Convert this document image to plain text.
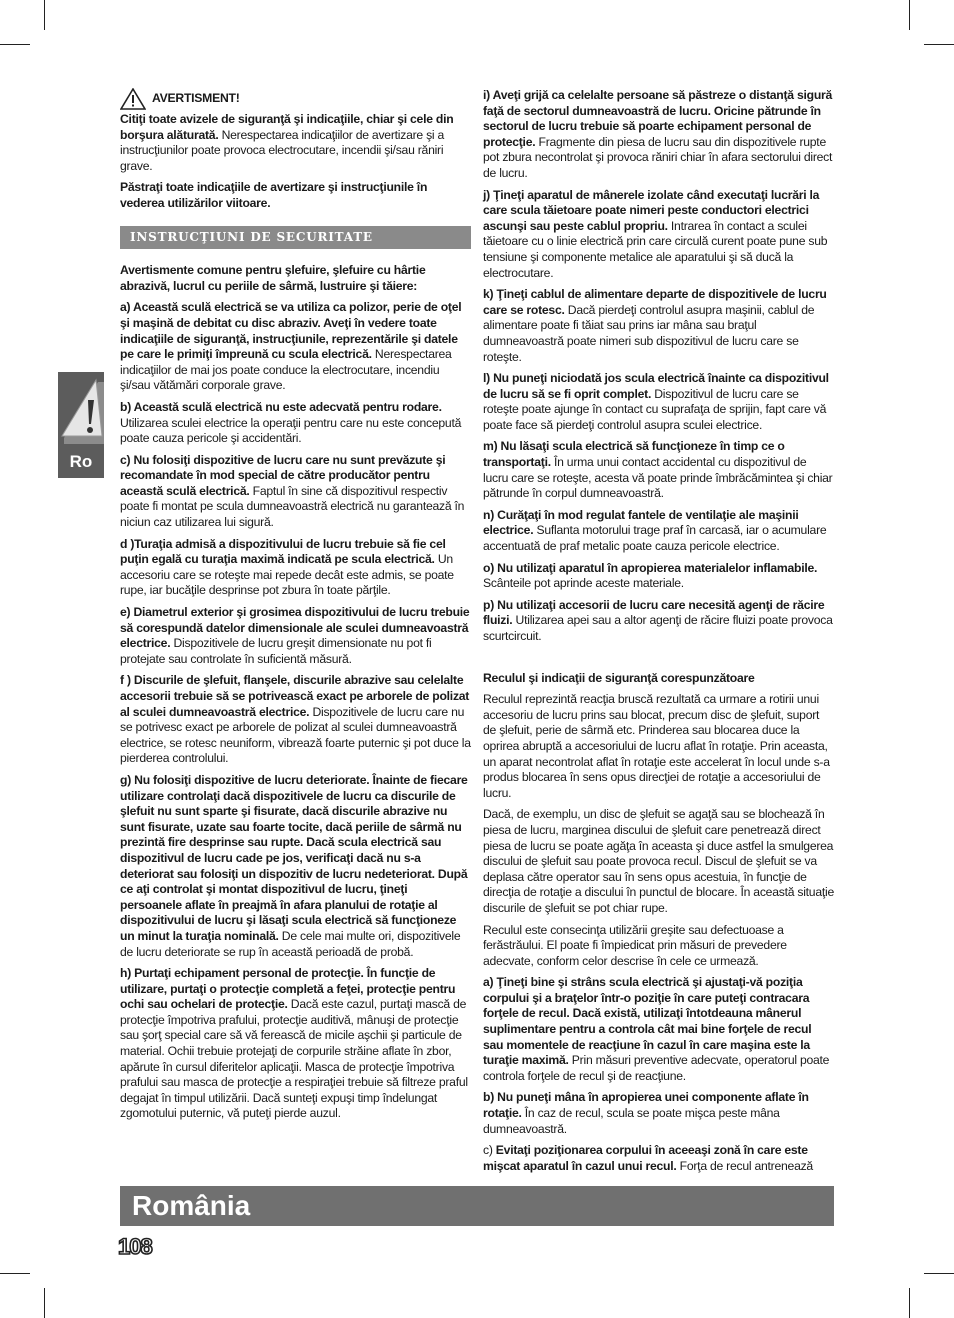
Ro
AVERTISMENT!

Citiţi toate avizele de siguranţă şi indicaţiile, chiar şi cele din borşura alăturată. Nerespectarea indicaţiilor de avertizare şi a instrucţiunilor poate provoca electrocutare, incendii şi/sau răniri grave.

Păstraţi toate indicaţiile de avertizare şi instrucţiunile în vederea utilizărilor viitoare.

INSTRUCŢIUNI DE SECURITATE

Avertismente comune pentru şlefuire, şlefuire cu hârtie abrazivă, lucrul cu periile de sârmă, lustruire şi tăiere:

a) Această sculă electrică se va utiliza ca polizor, perie de oţel şi maşină de debitat cu disc abraziv. Aveţi în vedere toate indicaţiile de siguranţă, instrucţiunile, reprezentările şi datele pe care le primiţi împreună cu scula electrică. Nerespectarea indicaţiilor de mai jos poate conduce la electrocutare, incendiu şi/sau vătămări corporale grave.

b) Această sculă electrică nu este adecvată pentru rodare. Utilizarea sculei electrice la operaţii pentru care nu este concepută poate cauza pericole şi accidentări.

c) Nu folosiţi dispozitive de lucru care nu sunt prevăzute şi recomandate în mod special de către producător pentru această sculă electrică. Faptul în sine că dispozitivul respectiv poate fi montat pe scula dumneavoastră electrică nu garantează în niciun caz utilizarea lui sigură.

d )Turaţia admisă a dispozitivului de lucru trebuie să fie cel puţin egală cu turaţia maximă indicată pe scula electrică. Un accesoriu care se roteşte mai repede decât este admis, se poate rupe, iar bucăţile desprinse pot zbura în toate părţile.

e) Diametrul exterior şi grosimea dispozitivului de lucru trebuie să corespundă datelor dimensionale ale sculei dumneavoastră electrice. Dispozitivele de lucru greşit dimensionate nu pot fi protejate sau controlate în suficientă măsură.

f ) Discurile de şlefuit, flanşele, discurile abrazive sau celelalte accesorii trebuie să se potrivească exact pe arborele de polizat al sculei dumneavoastră electrice. Dispozitivele de lucru care nu se potrivesc exact pe arborele de polizat al sculei dumneavoastră electrice, se rotesc neuniform, vibrează foarte puternic şi pot duce la pierderea controlului.

g) Nu folosiţi dispozitive de lucru deteriorate. Înainte de fiecare utilizare controlaţi dacă dispozitivele de lucru ca discurile de şlefuit nu sunt sparte şi fisurate, dacă discurile abrazive nu sunt fisurate, uzate sau foarte tocite, dacă periile de sârmă nu prezintă fire desprinse sau rupte. Dacă scula electrică sau dispozitivul de lucru cade pe jos, verificaţi dacă nu s-a deteriorat sau folosiţi un dispozitiv de lucru nedeteriorat. După ce aţi controlat şi montat dispozitivul de lucru, ţineţi persoanele aflate în preajmă în afara planului de rotaţie al dispozitivului de lucru şi lăsaţi scula electrică să funcţioneze un minut la turaţia nominală. De cele mai multe ori, dispozitivele de lucru deteriorate se rup în această perioadă de probă.

h) Purtaţi echipament personal de protecţie. În funcţie de utilizare, purtaţi o protecţie completă a feţei, protecţie pentru ochi sau ochelari de protecţie. Dacă este cazul, purtaţi mască de protecţie împotriva prafului, protecţie auditivă, mânuşi de protecţie sau şorţ special care să vă ferească de micile aşchii şi particule de material. Ochii trebuie protejaţi de corpurile străine aflate în zbor, apărute în cursul diferitelor aplicaţii. Masca de protecţie împotriva prafului sau masca de protecţie a respiraţiei trebuie să filtreze praful degajat în timpul utilizării. Dacă sunteţi expuşi timp îndelungat zgomotului puternic, vă puteţi pierde auzul.

i) Aveţi grijă ca celelalte persoane să păstreze o distanţă sigură faţă de sectorul dumneavoastră de lucru. Oricine pătrunde în sectorul de lucru trebuie să poarte echipament personal de protecţie. Fragmente din piesa de lucru sau din dispozitivele rupte pot zbura necontrolat şi provoca răniri chiar în afara sectorului direct de lucru.

j) Ţineţi aparatul de mânerele izolate când executaţi lucrări la care scula tăietoare poate nimeri peste conductori electrici ascunşi sau peste cablul propriu. Intrarea în contact a sculei tăietoare cu o linie electrică prin care circulă curent poate pune sub tensiune şi componente metalice ale aparatului şi să ducă la electrocutare.

k) Ţineţi cablul de alimentare departe de dispozitivele de lucru care se rotesc. Dacă pierdeţi controlul asupra maşinii, cablul de alimentare poate fi tăiat sau prins iar mâna sau braţul dumneavoastră poate nimeri sub dispozitivul de lucru care se roteşte.

l) Nu puneţi niciodată jos scula electrică înainte ca dispozitivul de lucru să se fi oprit complet. Dispozitivul de lucru care se roteşte poate ajunge în contact cu suprafaţa de sprijin, fapt care vă poate face să pierdeţi controlul asupra sculei electrice.

m) Nu lăsaţi scula electrică să funcţioneze în timp ce o transportaţi. În urma unui contact accidental cu dispozitivul de lucru care se roteşte, acesta vă poate prinde îmbrăcămintea şi chiar pătrunde în corpul dumneavoastră.

n) Curăţaţi în mod regulat fantele de ventilaţie ale maşinii electrice. Suflanta motorului trage praf în carcasă, iar o acumulare accentuată de praf metalic poate cauza pericole electrice.

o) Nu utilizaţi aparatul în apropierea materialelor inflamabile. Scânteile pot aprinde aceste materiale.

p) Nu utilizaţi accesorii de lucru care necesită agenţi de răcire fluizi. Utilizarea apei sau a altor agenţi de răcire fluizi poate provoca scurtcircuit.

Reculul şi indicaţii de siguranţă corespunzătoare

Reculul reprezintă reacţia bruscă rezultată ca urmare a rotirii unui accesoriu de lucru prins sau blocat, precum disc de şlefuit, suport de şlefuit, perie de sârmă etc. Prinderea sau blocarea duce la oprirea abruptă a accesoriului de lucru aflat în rotaţie. Prin aceasta, un aparat necontrolat aflat în rotaţie este accelerat în locul unde s-a produs blocarea în sens opus direcţiei de rotaţie a accesoriului de lucru.

Dacă, de exemplu, un disc de şlefuit se agaţă sau se blochează în piesa de lucru, marginea discului de şlefuit care penetrează direct piesa de lucru se poate agăţa în aceasta şi duce astfel la smulgerea discului de şlefuit sau poate provoca recul. Discul de şlefuit se va deplasa către operator sau în sens opus acestuia, în funcţie de direcţia de rotaţie a discului în punctul de blocare. În această situaţie discurile de şlefuit se pot chiar rupe.

Reculul este consecinţa utilizării greşite sau defectuoase a ferăstrăului. El poate fi împiedicat prin măsuri de prevedere adecvate, conform celor descrise în cele ce urmează.

a) Ţineţi bine şi strâns scula electrică şi ajustaţi-vă poziţia corpului şi a braţelor într-o poziţie în care puteţi contracara forţele de recul. Dacă există, utilizaţi întotdeauna mânerul suplimentare pentru a controla cât mai bine forţele de recul sau momentele de reacţiune în cazul în care maşina este la turaţie maximă. Prin măsuri preventive adecvate, operatorul poate controla forţele de recul şi de reacţiune.

b) Nu puneţi mâna în apropierea unei componente aflate în rotaţie. În caz de recul, scula se poate mişca peste mâna dumneavoastră.

c) Evitaţi poziţionarea corpului în aceeaşi zonă în care este mişcat aparatul în cazul unui recul. Forţa de recul antrenează

România
108
